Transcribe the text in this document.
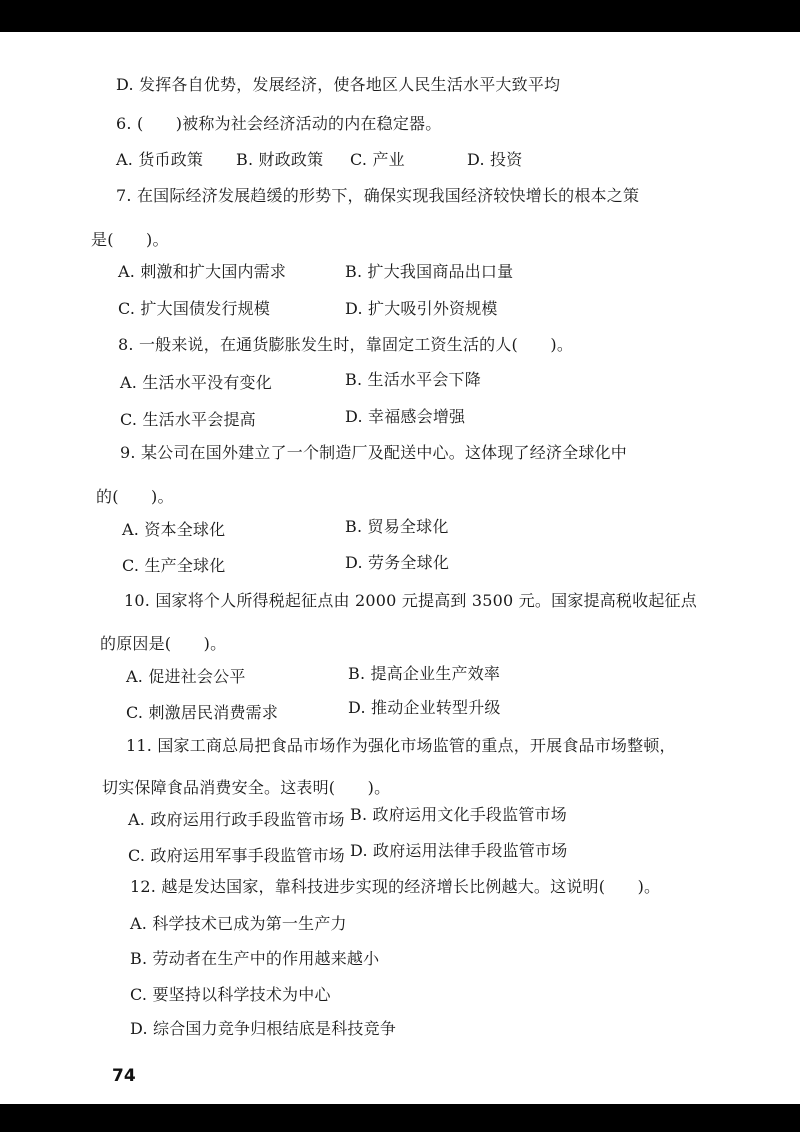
D. 发挥各自优势，发展经济，使各地区人民生活水平大致平均
6. (　　)被称为社会经济活动的内在稳定器。
A. 货币政策 B. 财政政策 C. 产业	D. 投资
7. 在国际经济发展趋缓的形势下，确保实现我国经济较快增长的根本之策
是(　　)。
A. 刺激和扩大国内需求	B. 扩大我国商品出口量
C. 扩大国债发行规模	D. 扩大吸引外资规模
8. 一般来说，在通货膨胀发生时，靠固定工资生活的人(　　)。
A. 生活水平没有变化	B. 生活水平会下降
C. 生活水平会提高	D. 幸福感会增强
9. 某公司在国外建立了一个制造厂及配送中心。这体现了经济全球化中
的(　　)。
A. 资本全球化	B. 贸易全球化
C. 生产全球化	D. 劳务全球化
10. 国家将个人所得税起征点由 2000 元提高到 3500 元。国家提高税收起征点
的原因是(　　)。
A. 促进社会公平	B. 提高企业生产效率
C. 刺激居民消费需求	D. 推动企业转型升级
11. 国家工商总局把食品市场作为强化市场监管的重点，开展食品市场整顿，
切实保障食品消费安全。这表明(　　)。
A. 政府运用行政手段监管市场 B. 政府运用文化手段监管市场
C. 政府运用军事手段监管市场 D. 政府运用法律手段监管市场
12. 越是发达国家，靠科技进步实现的经济增长比例越大。这说明(　　)。
A. 科学技术已成为第一生产力
B. 劳动者在生产中的作用越来越小
C. 要坚持以科学技术为中心
D. 综合国力竞争归根结底是科技竞争
74
